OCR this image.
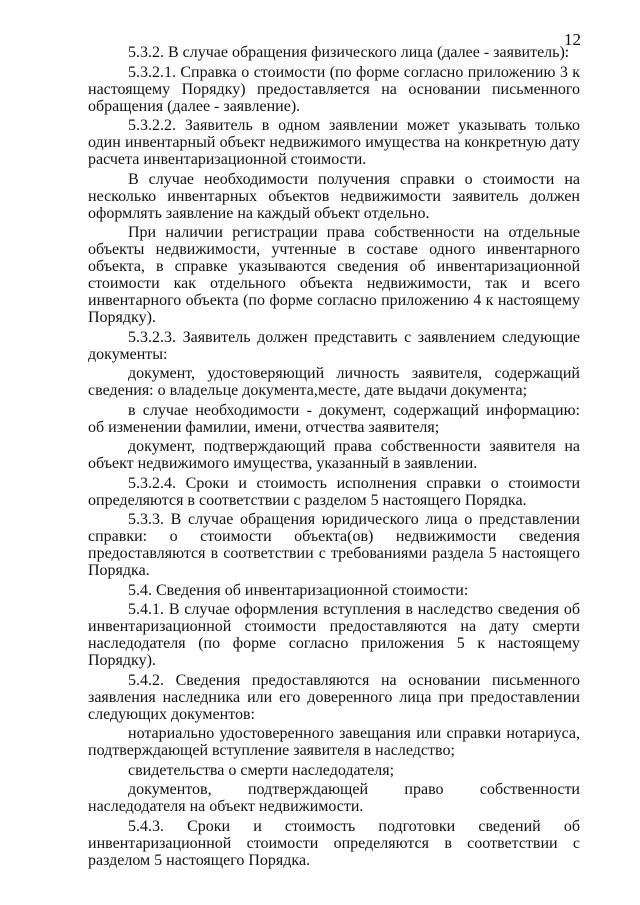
12

5.3.2. В случае обращения физического лица (далее - заявитель):

5.3.2.1. Справка о стоимости (по форме согласно приложению 3 к настоящему Порядку) предоставляется на основании письменного обращения (далее - заявление).

5.3.2.2. Заявитель в одном заявлении может указывать только один инвентарный объект недвижимого имущества на конкретную дату расчета инвентаризационной стоимости.

В случае необходимости получения справки о стоимости на несколько инвентарных объектов недвижимости заявитель должен оформлять заявление на каждый объект отдельно.

При наличии регистрации права собственности на отдельные объекты недвижимости, учтенные в составе одного инвентарного объекта, в справке указываются сведения об инвентаризационной стоимости как отдельного объекта недвижимости, так и всего инвентарного объекта (по форме согласно приложению 4 к настоящему Порядку).

5.3.2.3. Заявитель должен представить с заявлением следующие документы:

документ, удостоверяющий личность заявителя, содержащий сведения: о владельце документа,месте, дате выдачи документа;

в случае необходимости - документ, содержащий информацию: об изменении фамилии, имени, отчества заявителя;

документ, подтверждающий права собственности заявителя на объект недвижимого имущества, указанный в заявлении.

5.3.2.4. Сроки и стоимость исполнения справки о стоимости определяются в соответствии с разделом 5 настоящего Порядка.

5.3.3. В случае обращения юридического лица о представлении справки: о стоимости объекта(ов) недвижимости сведения предоставляются в соответствии с требованиями раздела 5 настоящего Порядка.

5.4. Сведения об инвентаризационной стоимости:

5.4.1. В случае оформления вступления в наследство сведения об инвентаризационной стоимости предоставляются на дату смерти наследодателя (по форме согласно приложения 5 к настоящему Порядку).

5.4.2. Сведения предоставляются на основании письменного заявления наследника или его доверенного лица при предоставлении следующих документов:

нотариально удостоверенного завещания или справки нотариуса, подтверждающей вступление заявителя в наследство;

свидетельства о смерти наследодателя;

документов, подтверждающей право собственности наследодателя на объект недвижимости.

5.4.3. Сроки и стоимость подготовки сведений об инвентаризационной стоимости определяются в соответствии с разделом 5 настоящего Порядка.
